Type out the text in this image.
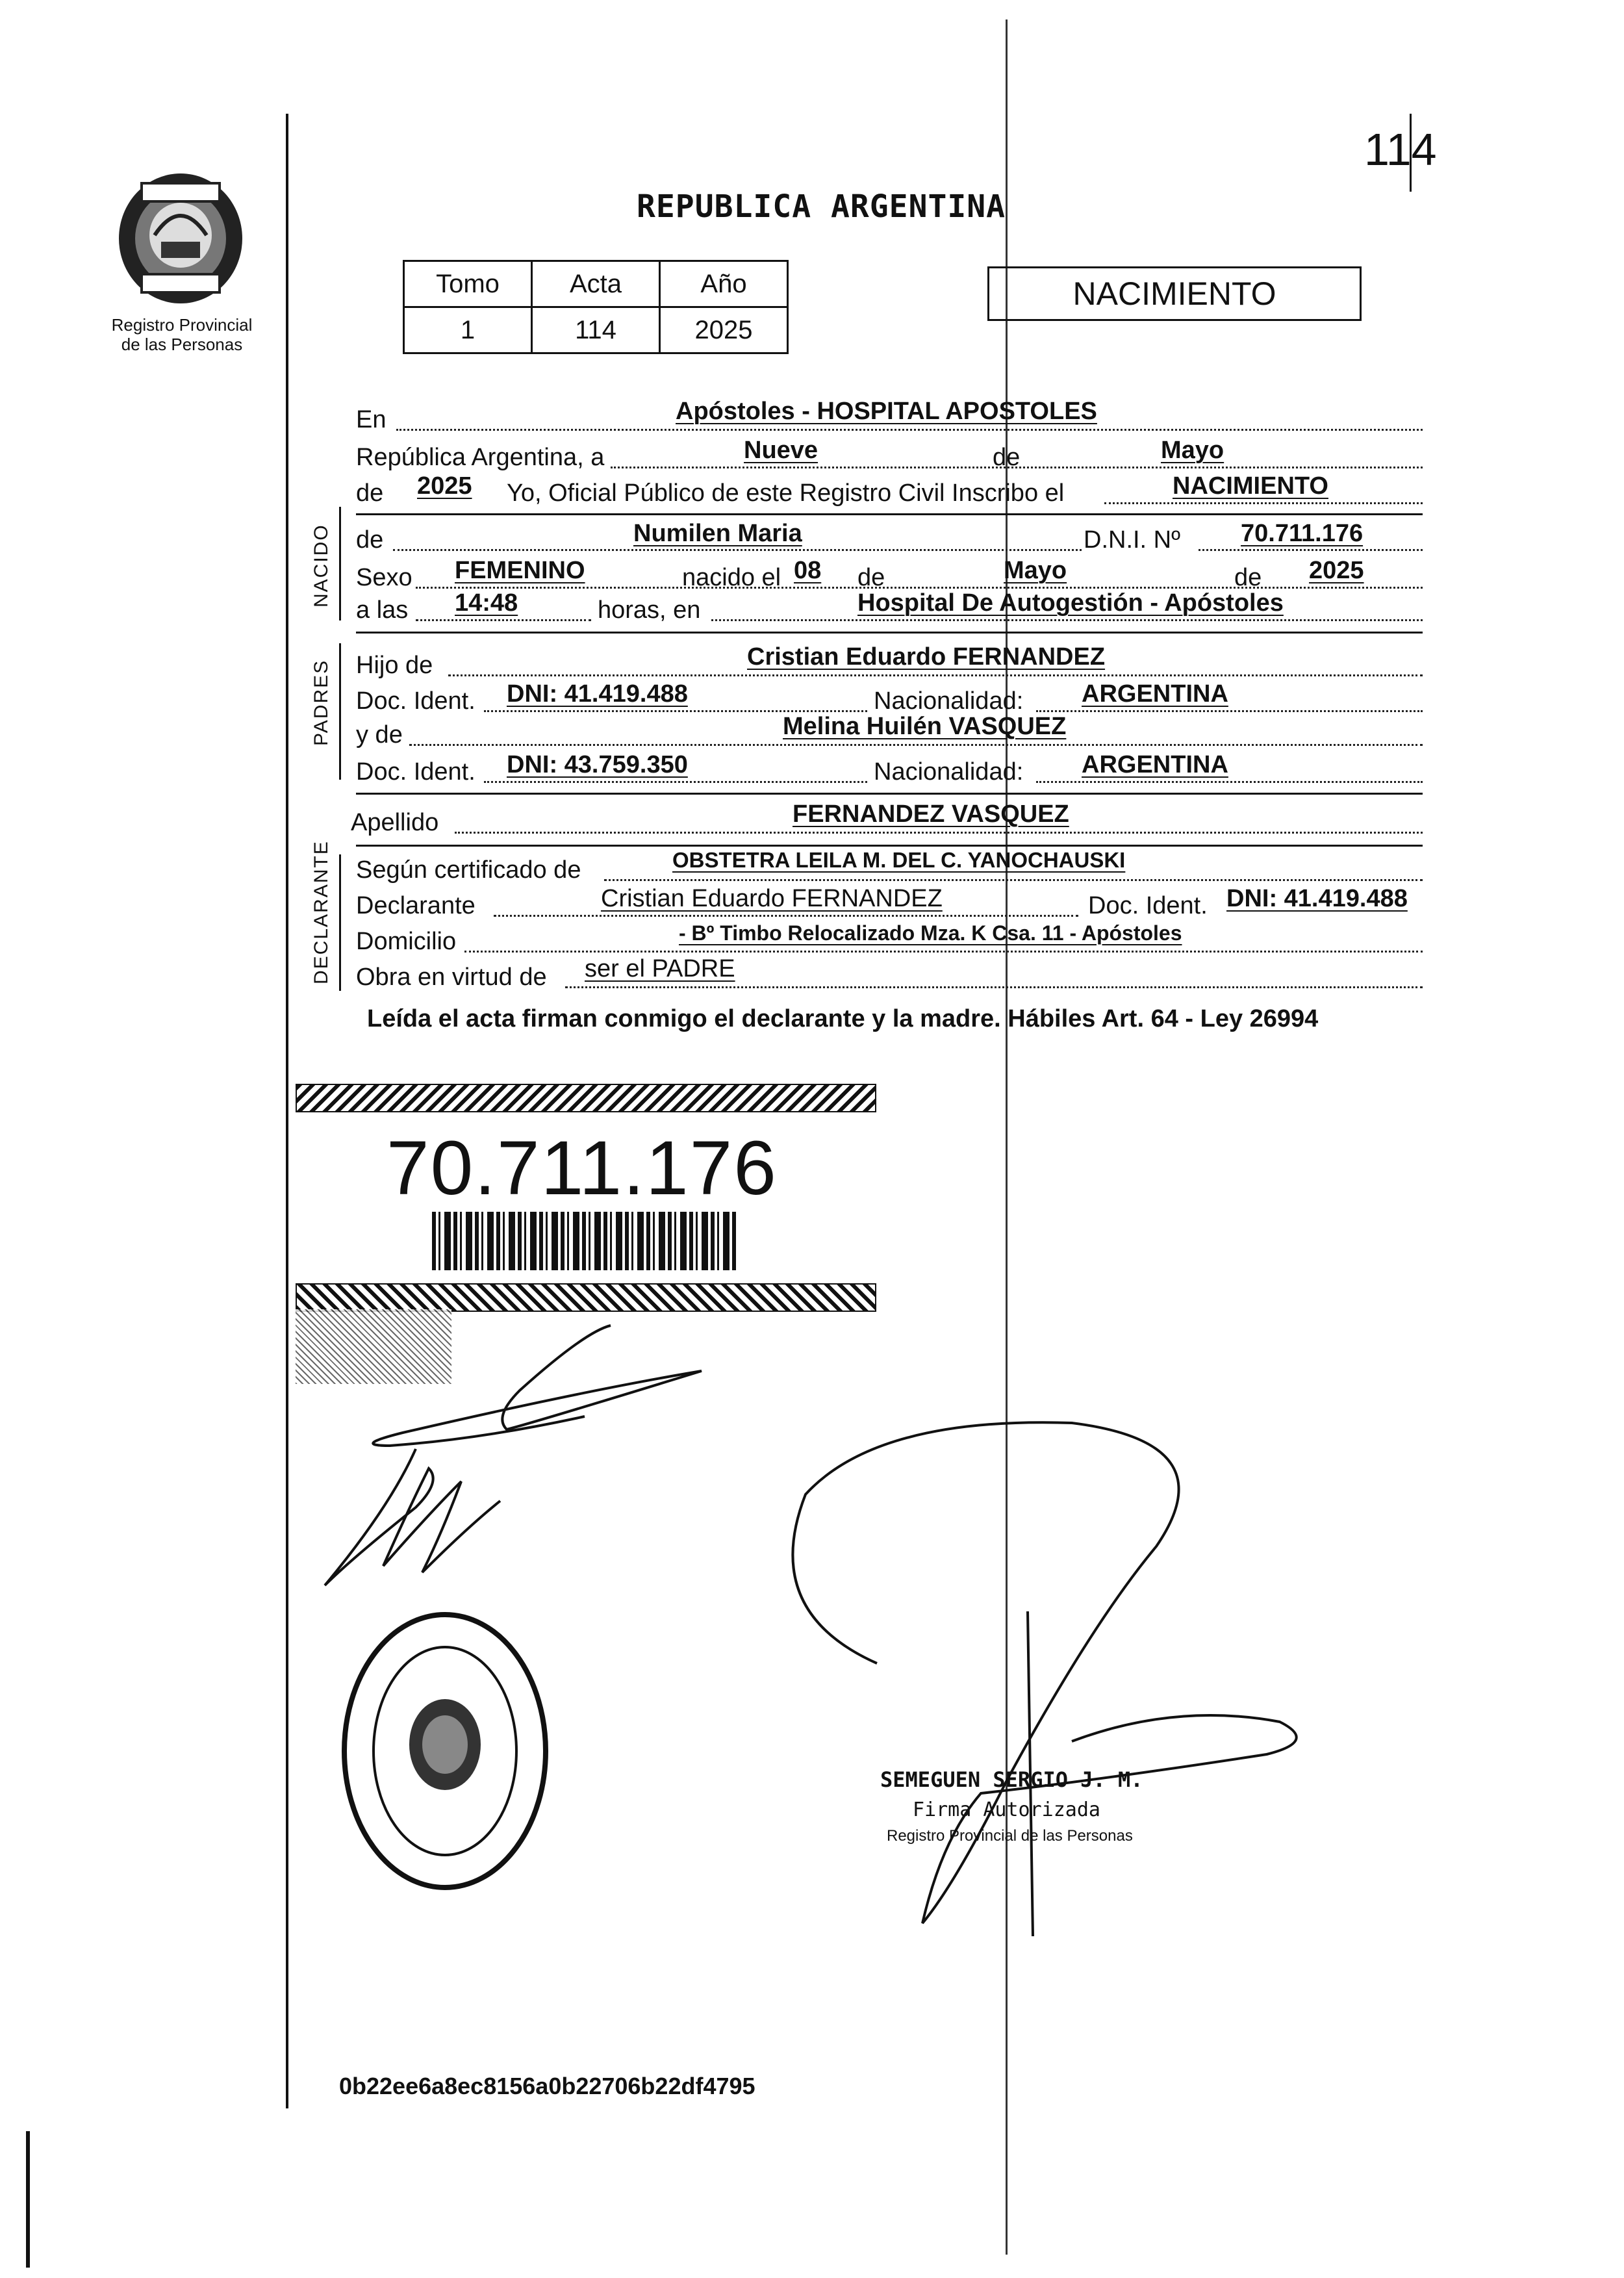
114
Registro Provincial
de las Personas
REPUBLICA ARGENTINA
Tomo	Acta	Año
1	114	2025
NACIMIENTO
NACIDO
PADRES
DECLARANTE
En	Apóstoles - HOSPITAL APOSTOLES
República Argentina, a	Nueve	de	Mayo
de 2025 Yo, Oficial Público de este Registro Civil Inscribo el	NACIMIENTO
de	Numilen Maria	D.N.I. Nº 70.711.176
Sexo FEMENINO	nacido el 08 de	Mayo	de 2025
a las 14:48	horas, en	Hospital De Autogestión - Apóstoles
Hijo de	Cristian Eduardo FERNANDEZ
Doc. Ident. DNI: 41.419.488	Nacionalidad: ARGENTINA
y de	Melina Huilén VASQUEZ
Doc. Ident. DNI: 43.759.350	Nacionalidad: ARGENTINA
Apellido	FERNANDEZ VASQUEZ
Según certificado de	OBSTETRA LEILA M. DEL C. YANOCHAUSKI
Declarante	Cristian Eduardo FERNANDEZ	Doc. Ident. DNI: 41.419.488
Domicilio	- Bº Timbo Relocalizado Mza. K Csa. 11 - Apóstoles
Obra en virtud de ser el PADRE
Leída el acta firman conmigo el declarante y la madre. Hábiles Art. 64 - Ley 26994
70.711.176
SEMEGUEN SERGIO J. M.
Firma Autorizada
Registro Provincial de las Personas
0b22ee6a8ec8156a0b22706b22df4795
